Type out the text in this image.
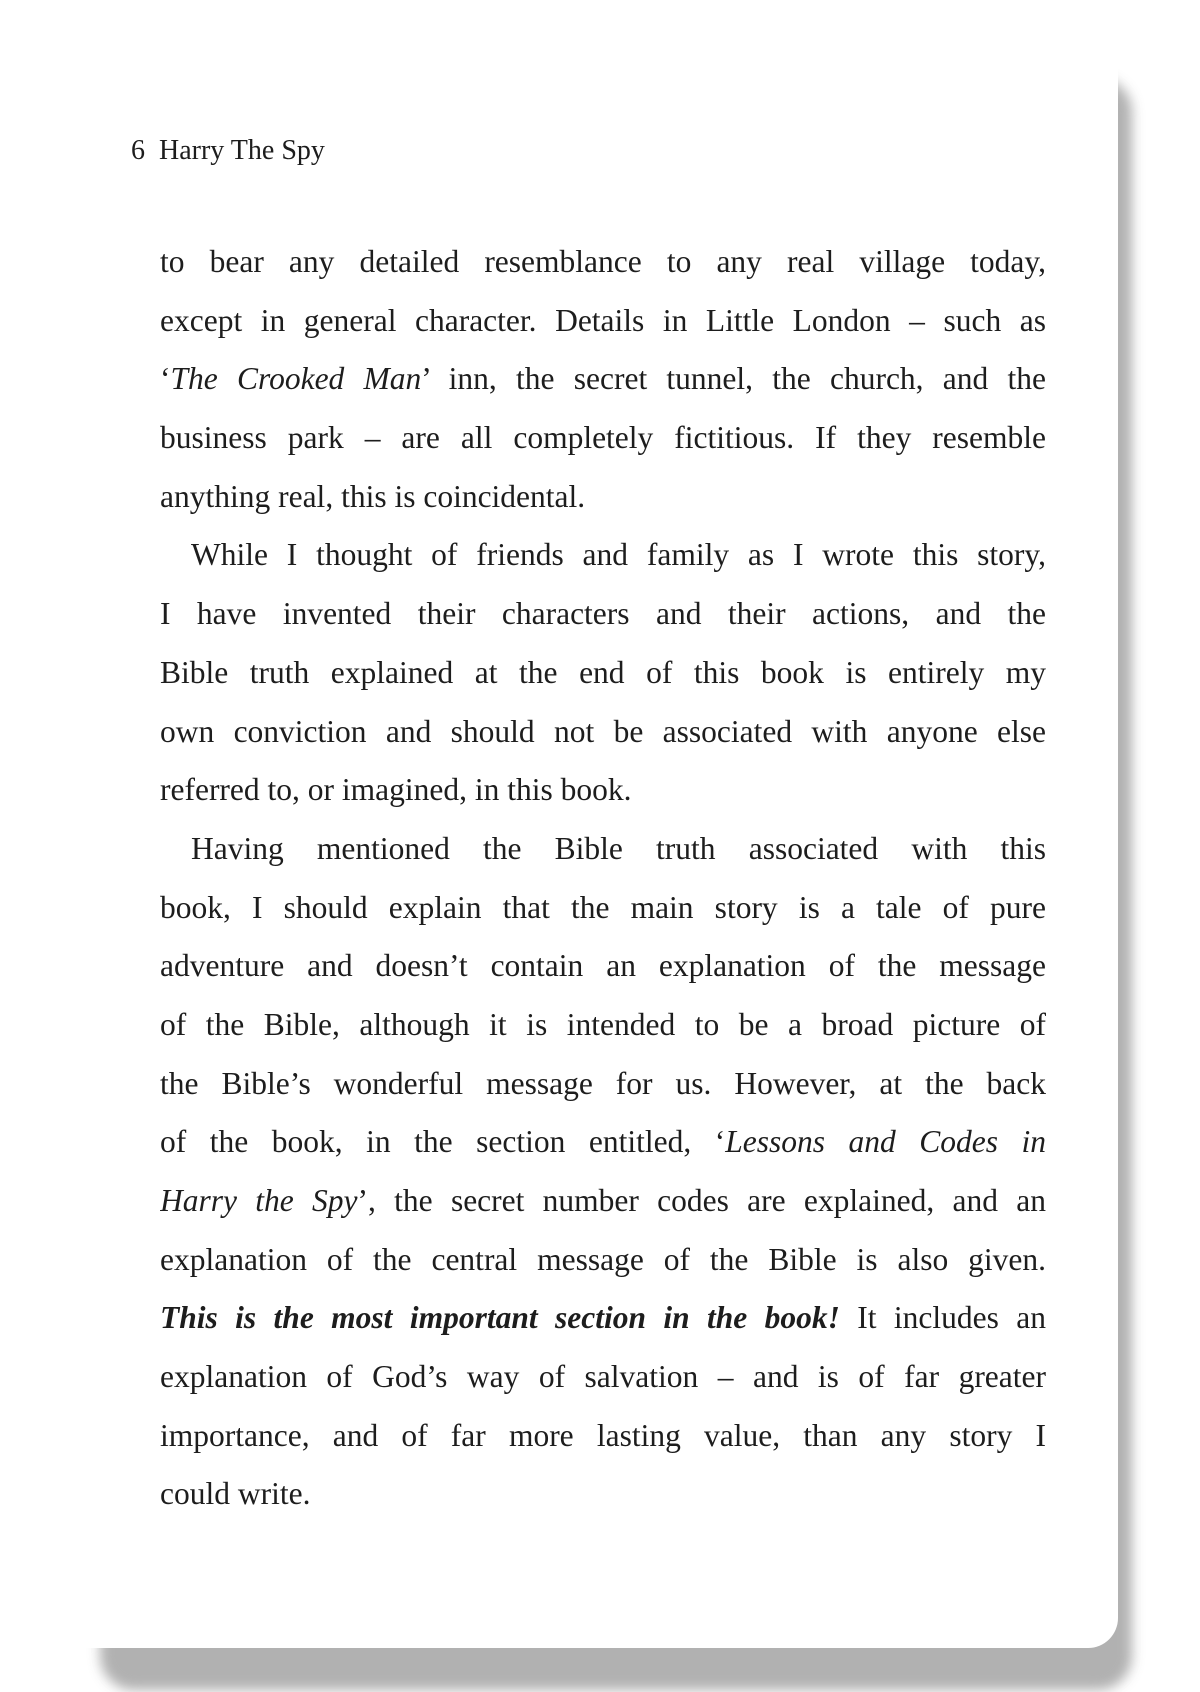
6 Harry The Spy
to bear any detailed resemblance to any real village today,
except in general character. Details in Little London – such as
‘The Crooked Man’ inn, the secret tunnel, the church, and the
business park – are all completely fictitious. If they resemble
anything real, this is coincidental.
While I thought of friends and family as I wrote this story,
I have invented their characters and their actions, and the
Bible truth explained at the end of this book is entirely my
own conviction and should not be associated with anyone else
referred to, or imagined, in this book.
Having mentioned the Bible truth associated with this
book, I should explain that the main story is a tale of pure
adventure and doesn’t contain an explanation of the message
of the Bible, although it is intended to be a broad picture of
the Bible’s wonderful message for us. However, at the back
of the book, in the section entitled, ‘Lessons and Codes in
Harry the Spy’, the secret number codes are explained, and an
explanation of the central message of the Bible is also given.
This is the most important section in the book! It includes an
explanation of God’s way of salvation – and is of far greater
importance, and of far more lasting value, than any story I
could write.
